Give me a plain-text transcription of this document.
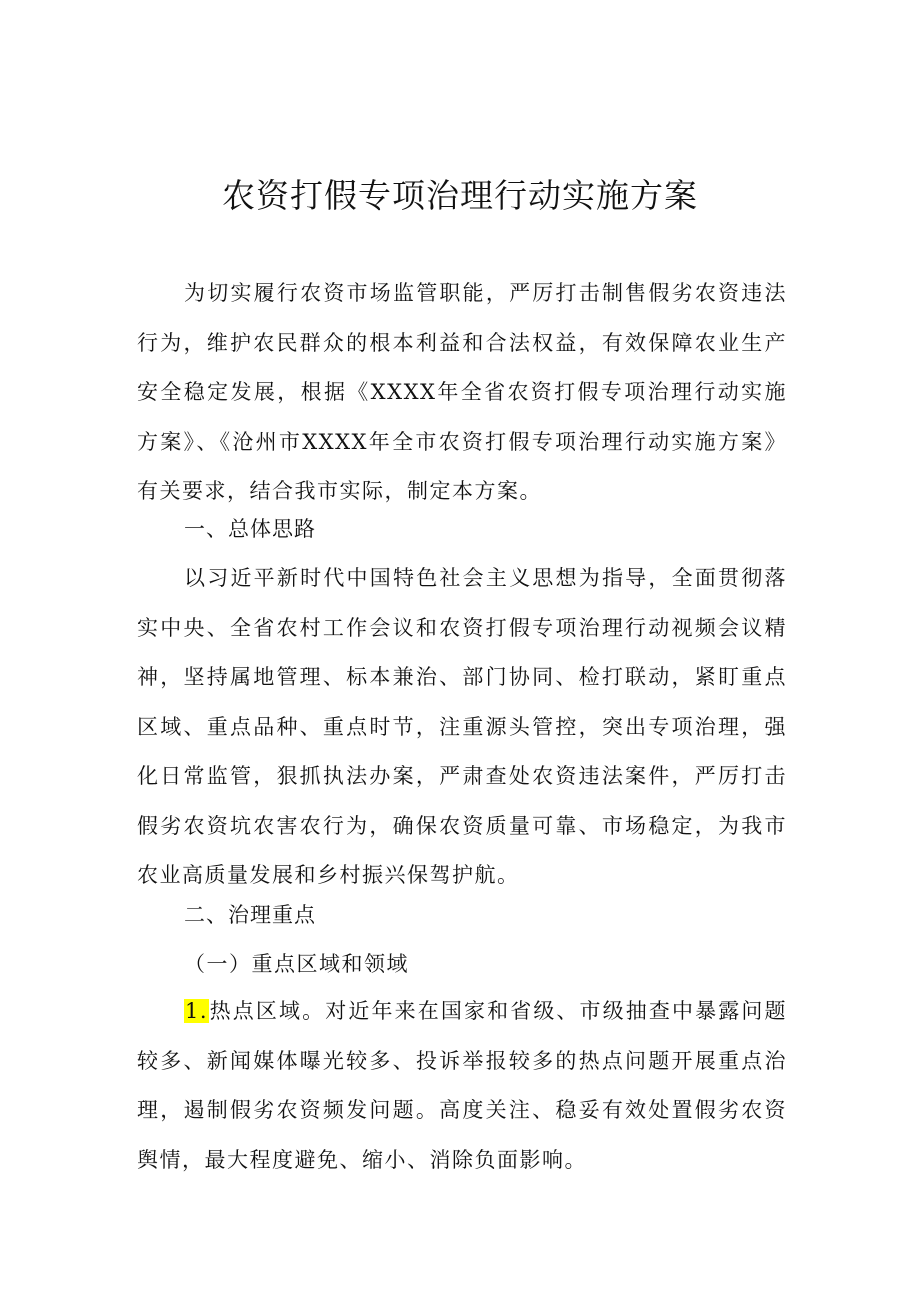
农资打假专项治理行动实施方案

为切实履行农资市场监管职能，严厉打击制售假劣农资违法行为，维护农民群众的根本利益和合法权益，有效保障农业生产安全稳定发展，根据《XXXX年全省农资打假专项治理行动实施方案》、《沧州市XXXX年全市农资打假专项治理行动实施方案》有关要求，结合我市实际，制定本方案。

一、总体思路

以习近平新时代中国特色社会主义思想为指导，全面贯彻落实中央、全省农村工作会议和农资打假专项治理行动视频会议精神，坚持属地管理、标本兼治、部门协同、检打联动，紧盯重点区域、重点品种、重点时节，注重源头管控，突出专项治理，强化日常监管，狠抓执法办案，严肃查处农资违法案件，严厉打击假劣农资坑农害农行为，确保农资质量可靠、市场稳定，为我市农业高质量发展和乡村振兴保驾护航。

二、治理重点

（一）重点区域和领域

1.热点区域。对近年来在国家和省级、市级抽查中暴露问题较多、新闻媒体曝光较多、投诉举报较多的热点问题开展重点治理，遏制假劣农资频发问题。高度关注、稳妥有效处置假劣农资舆情，最大程度避免、缩小、消除负面影响。
